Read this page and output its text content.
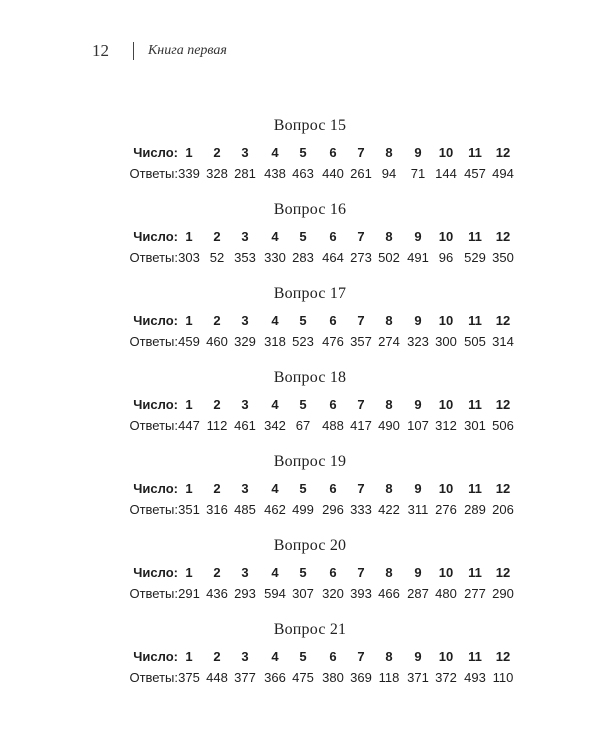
12	Книга первая
Вопрос 15
Число: 1	2	3	4	5	6	7	8	9	10	11	12
Ответы: 339 328 281 438 463 440 261 94	71 144 457 494
Вопрос 16
Число: 1	2	3	4	5	6	7	8	9	10	11	12
Ответы: 303 52 353 330 283 464 273 502 491 96 529 350
Вопрос 17
Число: 1	2	3	4	5	6	7	8	9	10	11	12
Ответы: 459 460 329 318 523 476 357 274 323 300 505 314
Вопрос 18
Число: 1	2	3	4	5	6	7	8	9	10	11	12
Ответы: 447 112 461 342 67 488 417 490 107 312 301 506
Вопрос 19
Число: 1	2	3	4	5	6	7	8	9	10	11	12
Ответы: 351 316 485 462 499 296 333 422 311 276 289 206
Вопрос 20
Число: 1	2	3	4	5	6	7	8	9	10	11	12
Ответы: 291 436 293 594 307 320 393 466 287 480 277 290
Вопрос 21
Число: 1	2	3	4	5	6	7	8	9	10	11	12
Ответы: 375 448 377 366 475 380 369 118 371 372 493 110
